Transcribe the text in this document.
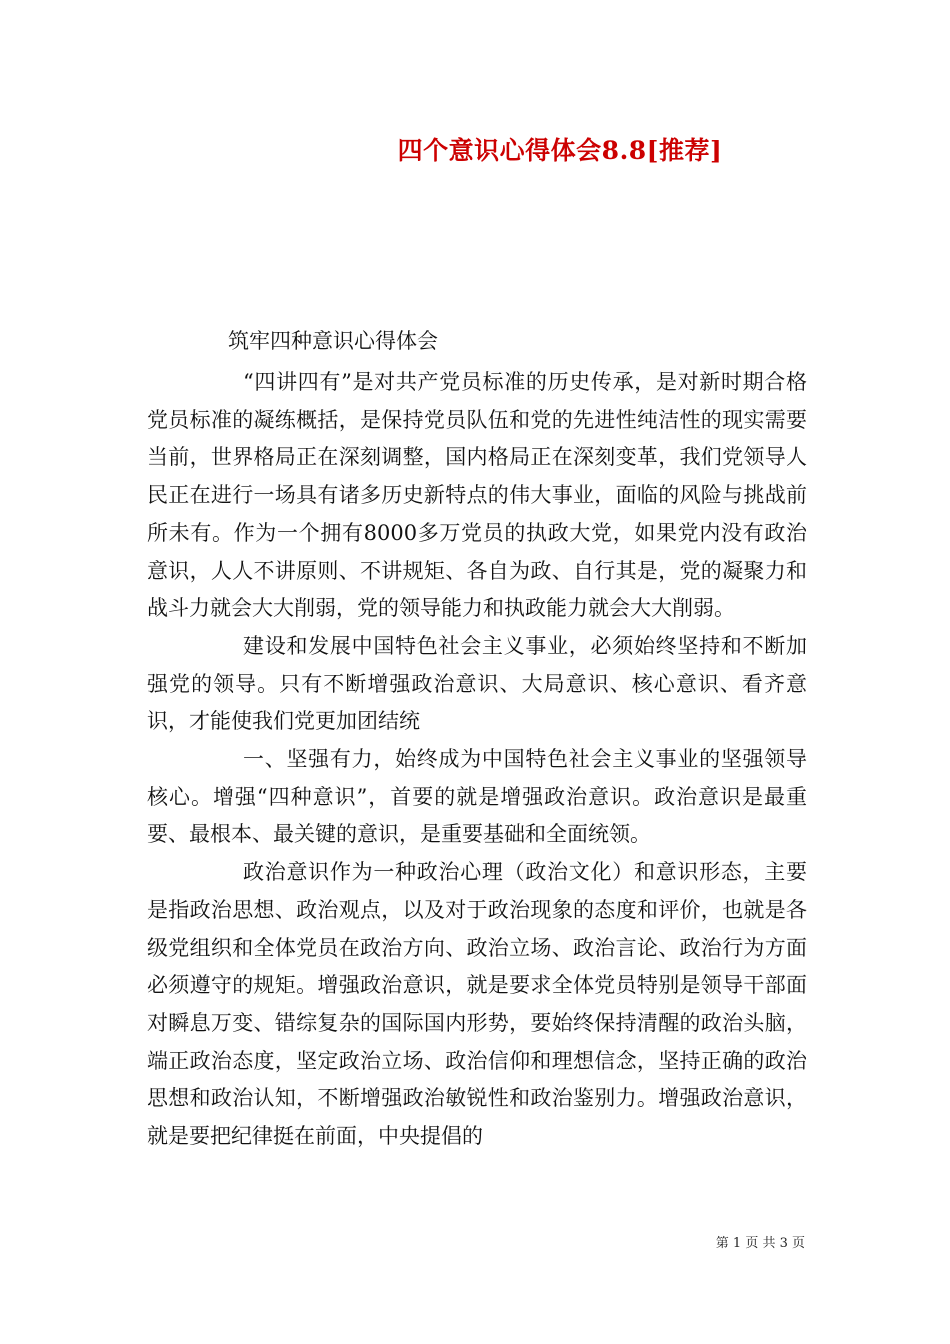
四个意识心得体会8.8[推荐]
筑牢四种意识心得体会

“四讲四有”是对共产党员标准的历史传承，是对新时期合格党员标准的凝练概括，是保持党员队伍和党的先进性纯洁性的现实需要当前，世界格局正在深刻调整，国内格局正在深刻变革，我们党领导人民正在进行一场具有诸多历史新特点的伟大事业，面临的风险与挑战前所未有。作为一个拥有8000多万党员的执政大党，如果党内没有政治意识，人人不讲原则、不讲规矩、各自为政、自行其是，党的凝聚力和战斗力就会大大削弱，党的领导能力和执政能力就会大大削弱。

建设和发展中国特色社会主义事业，必须始终坚持和不断加强党的领导。只有不断增强政治意识、大局意识、核心意识、看齐意识，才能使我们党更加团结统

一、坚强有力，始终成为中国特色社会主义事业的坚强领导核心。增强“四种意识”，首要的就是增强政治意识。政治意识是最重要、最根本、最关键的意识，是重要基础和全面统领。

政治意识作为一种政治心理（政治文化）和意识形态，主要是指政治思想、政治观点，以及对于政治现象的态度和评价，也就是各级党组织和全体党员在政治方向、政治立场、政治言论、政治行为方面必须遵守的规矩。增强政治意识，就是要求全体党员特别是领导干部面对瞬息万变、错综复杂的国际国内形势，要始终保持清醒的政治头脑，端正政治态度，坚定政治立场、政治信仰和理想信念，坚持正确的政治思想和政治认知，不断增强政治敏锐性和政治鉴别力。增强政治意识，就是要把纪律挺在前面，中央提倡的

第 1 页 共 3 页
